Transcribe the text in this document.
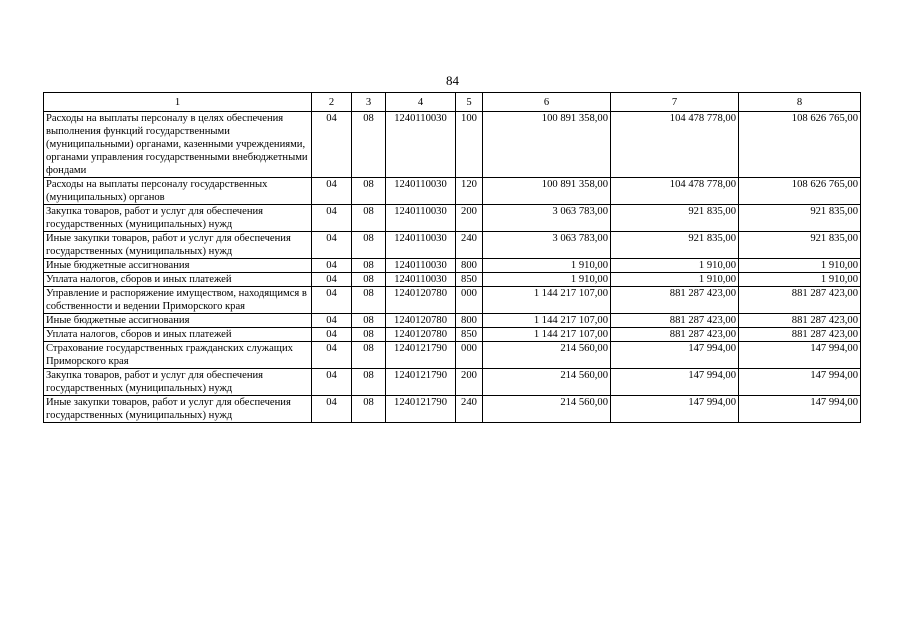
84
1	2	3	4	5	6	7	8
Расходы на выплаты персоналу в целях обеспечения выполнения функций государственными (муниципальными) органами, казенными учреждениями, органами управления государственными внебюджетными фондами	04	08	1240110030	100	100 891 358,00	104 478 778,00	108 626 765,00
Расходы на выплаты персоналу государственных (муниципальных) органов	04	08	1240110030	120	100 891 358,00	104 478 778,00	108 626 765,00
Закупка товаров, работ и услуг для обеспечения государственных (муниципальных) нужд	04	08	1240110030	200	3 063 783,00	921 835,00	921 835,00
Иные закупки товаров, работ и услуг для обеспечения государственных (муниципальных) нужд	04	08	1240110030	240	3 063 783,00	921 835,00	921 835,00
Иные бюджетные ассигнования	04	08	1240110030	800	1 910,00	1 910,00	1 910,00
Уплата налогов, сборов и иных платежей	04	08	1240110030	850	1 910,00	1 910,00	1 910,00
Управление и распоряжение имуществом, находящимся в собственности и ведении Приморского края	04	08	1240120780	000	1 144 217 107,00	881 287 423,00	881 287 423,00
Иные бюджетные ассигнования	04	08	1240120780	800	1 144 217 107,00	881 287 423,00	881 287 423,00
Уплата налогов, сборов и иных платежей	04	08	1240120780	850	1 144 217 107,00	881 287 423,00	881 287 423,00
Страхование государственных гражданских служащих Приморского края	04	08	1240121790	000	214 560,00	147 994,00	147 994,00
Закупка товаров, работ и услуг для обеспечения государственных (муниципальных) нужд	04	08	1240121790	200	214 560,00	147 994,00	147 994,00
Иные закупки товаров, работ и услуг для обеспечения государственных (муниципальных) нужд	04	08	1240121790	240	214 560,00	147 994,00	147 994,00
